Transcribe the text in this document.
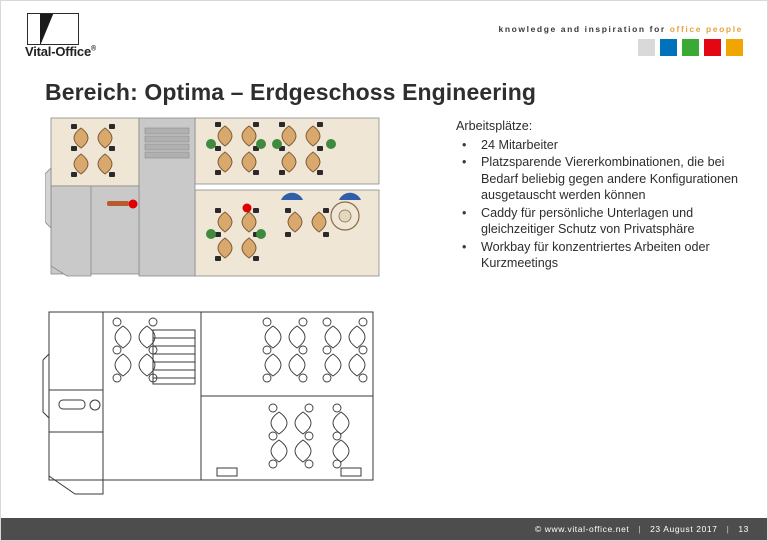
Vital-Office®
knowledge and inspiration for office people
Bereich: Optima – Erdgeschoss Engineering

Arbeitsplätze:

• 24 Mitarbeiter
• Platzsparende Viererkombinationen, die bei Bedarf beliebig gegen andere Konfigurationen ausgetauscht werden können
• Caddy für persönliche Unterlagen und gleichzeitiger Schutz von Privatsphäre
• Workbay für konzentriertes Arbeiten oder Kurzmeetings
© www.vital-office.net | 23 August 2017 | 13
